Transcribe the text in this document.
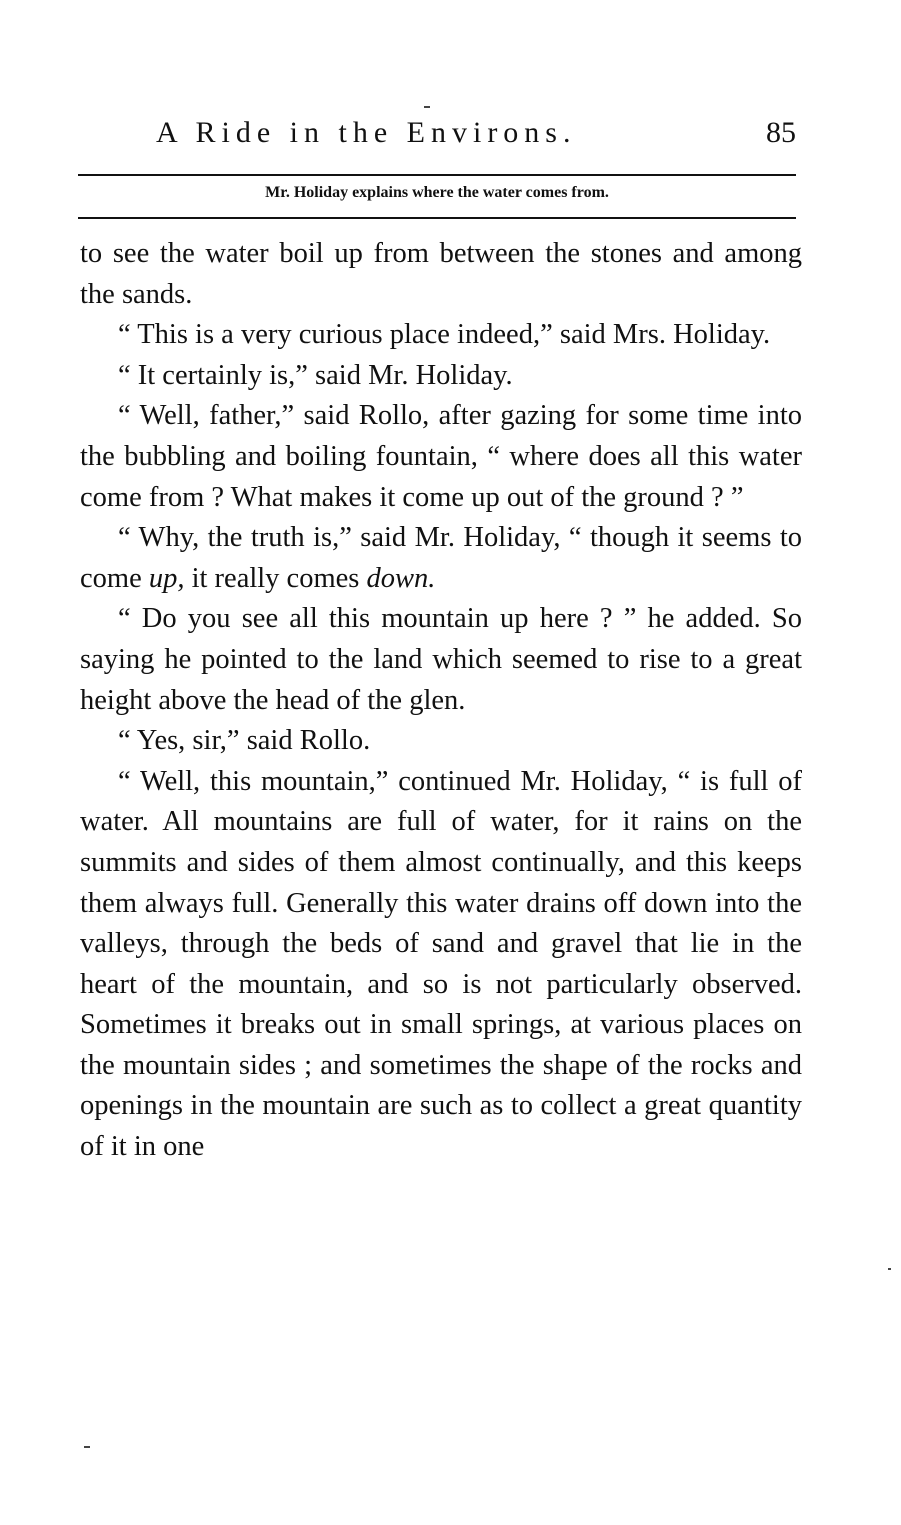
A Ride in the Environs.	85
Mr. Holiday explains where the water comes from.

to see the water boil up from between the stones and among the sands.

“ This is a very curious place indeed,” said Mrs. Holiday.

“ It certainly is,” said Mr. Holiday.

“ Well, father,” said Rollo, after gazing for some time into the bubbling and boiling fountain, “ where does all this water come from ? What makes it come up out of the ground ? ”

“ Why, the truth is,” said Mr. Holiday, “ though it seems to come up, it really comes down.

“ Do you see all this mountain up here ? ” he added. So saying he pointed to the land which seemed to rise to a great height above the head of the glen.

“ Yes, sir,” said Rollo.

“ Well, this mountain,” continued Mr. Holiday, “ is full of water. All mountains are full of water, for it rains on the summits and sides of them almost continually, and this keeps them always full. Generally this water drains off down into the valleys, through the beds of sand and gravel that lie in the heart of the mountain, and so is not particularly observed. Sometimes it breaks out in small springs, at various places on the mountain sides ; and sometimes the shape of the rocks and openings in the mountain are such as to collect a great quantity of it in one
